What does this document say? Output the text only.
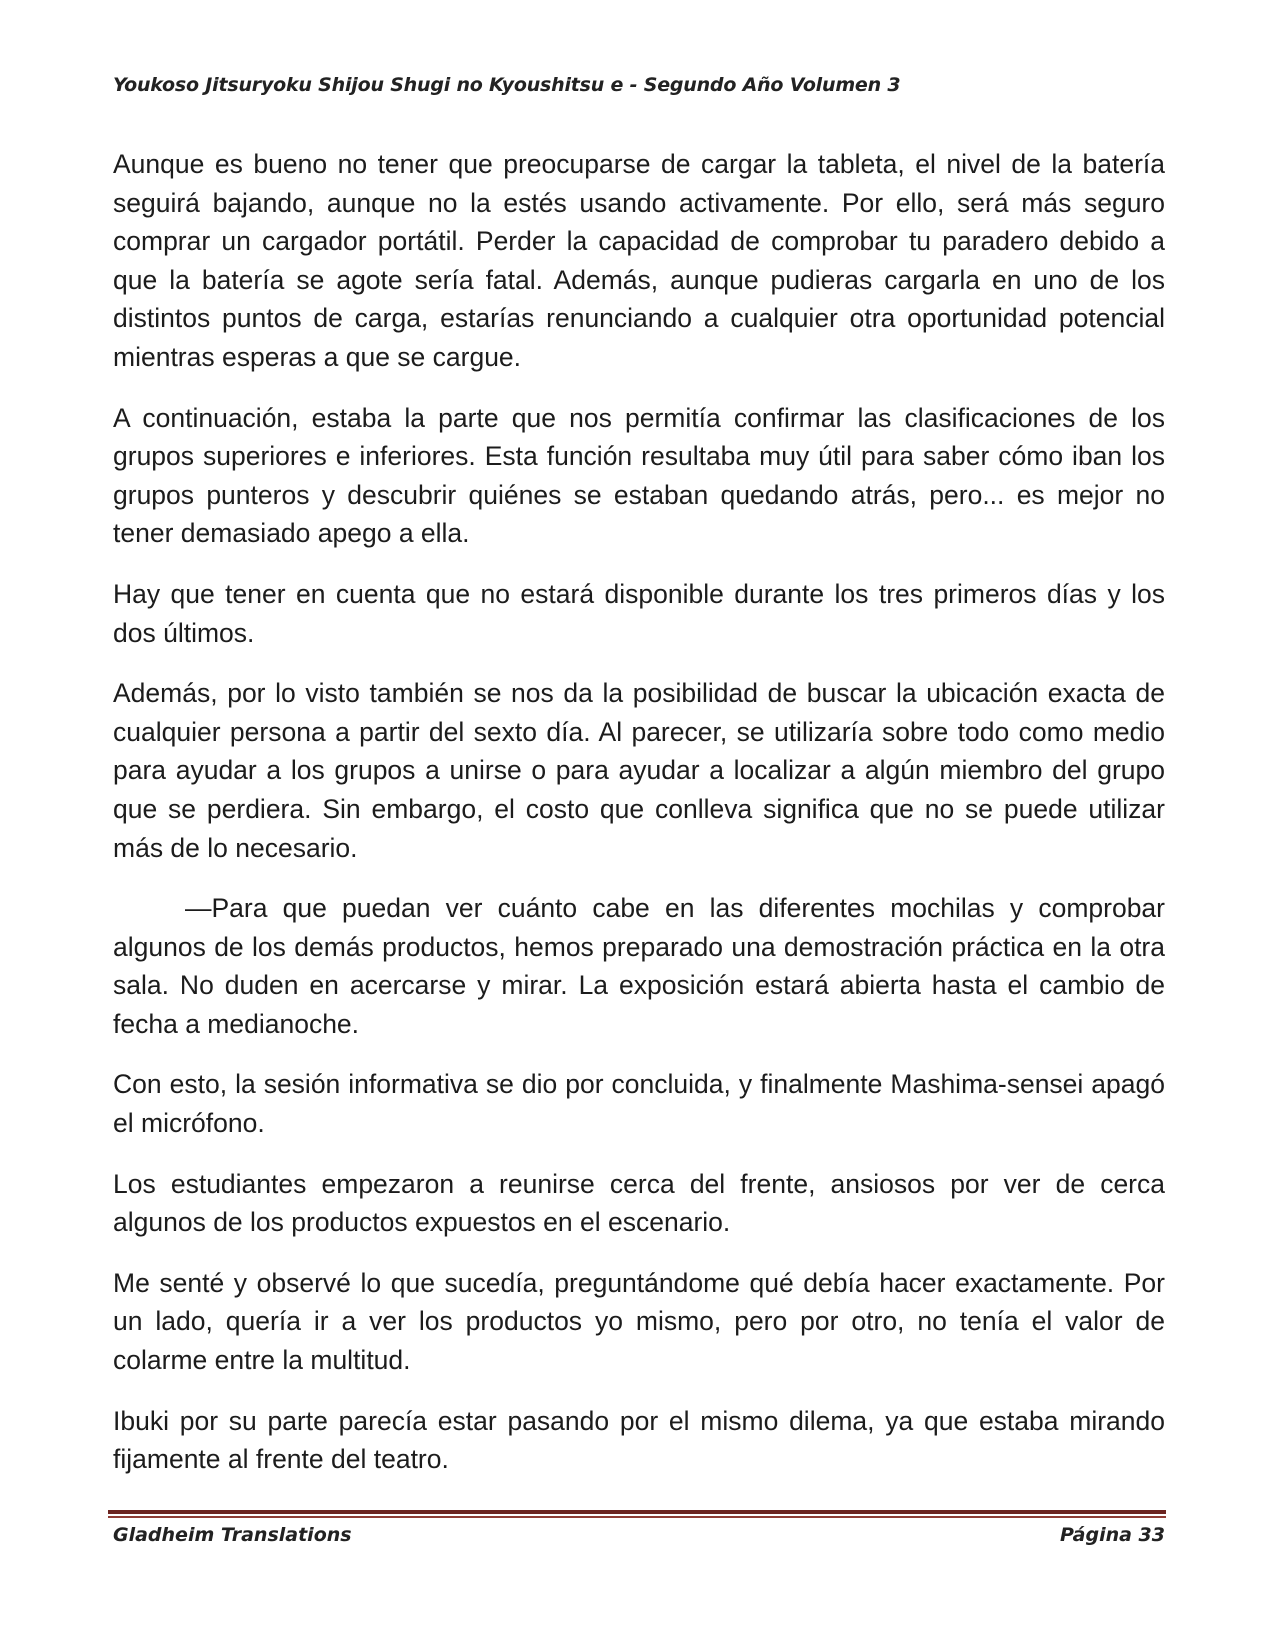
Youkoso Jitsuryoku Shijou Shugi no Kyoushitsu e - Segundo Año Volumen 3

Aunque es bueno no tener que preocuparse de cargar la tableta, el nivel de la batería seguirá bajando, aunque no la estés usando activamente. Por ello, será más seguro comprar un cargador portátil. Perder la capacidad de comprobar tu paradero debido a que la batería se agote sería fatal. Además, aunque pudieras cargarla en uno de los distintos puntos de carga, estarías renunciando a cualquier otra oportunidad potencial mientras esperas a que se cargue.

A continuación, estaba la parte que nos permitía confirmar las clasificaciones de los grupos superiores e inferiores. Esta función resultaba muy útil para saber cómo iban los grupos punteros y descubrir quiénes se estaban quedando atrás, pero... es mejor no tener demasiado apego a ella.

Hay que tener en cuenta que no estará disponible durante los tres primeros días y los dos últimos.

Además, por lo visto también se nos da la posibilidad de buscar la ubicación exacta de cualquier persona a partir del sexto día. Al parecer, se utilizaría sobre todo como medio para ayudar a los grupos a unirse o para ayudar a localizar a algún miembro del grupo que se perdiera. Sin embargo, el costo que conlleva significa que no se puede utilizar más de lo necesario.

—Para que puedan ver cuánto cabe en las diferentes mochilas y comprobar algunos de los demás productos, hemos preparado una demostración práctica en la otra sala. No duden en acercarse y mirar. La exposición estará abierta hasta el cambio de fecha a medianoche.

Con esto, la sesión informativa se dio por concluida, y finalmente Mashima-sensei apagó el micrófono.

Los estudiantes empezaron a reunirse cerca del frente, ansiosos por ver de cerca algunos de los productos expuestos en el escenario.

Me senté y observé lo que sucedía, preguntándome qué debía hacer exactamente. Por un lado, quería ir a ver los productos yo mismo, pero por otro, no tenía el valor de colarme entre la multitud.

Ibuki por su parte parecía estar pasando por el mismo dilema, ya que estaba mirando fijamente al frente del teatro.

Gladheim Translations	Página 33
